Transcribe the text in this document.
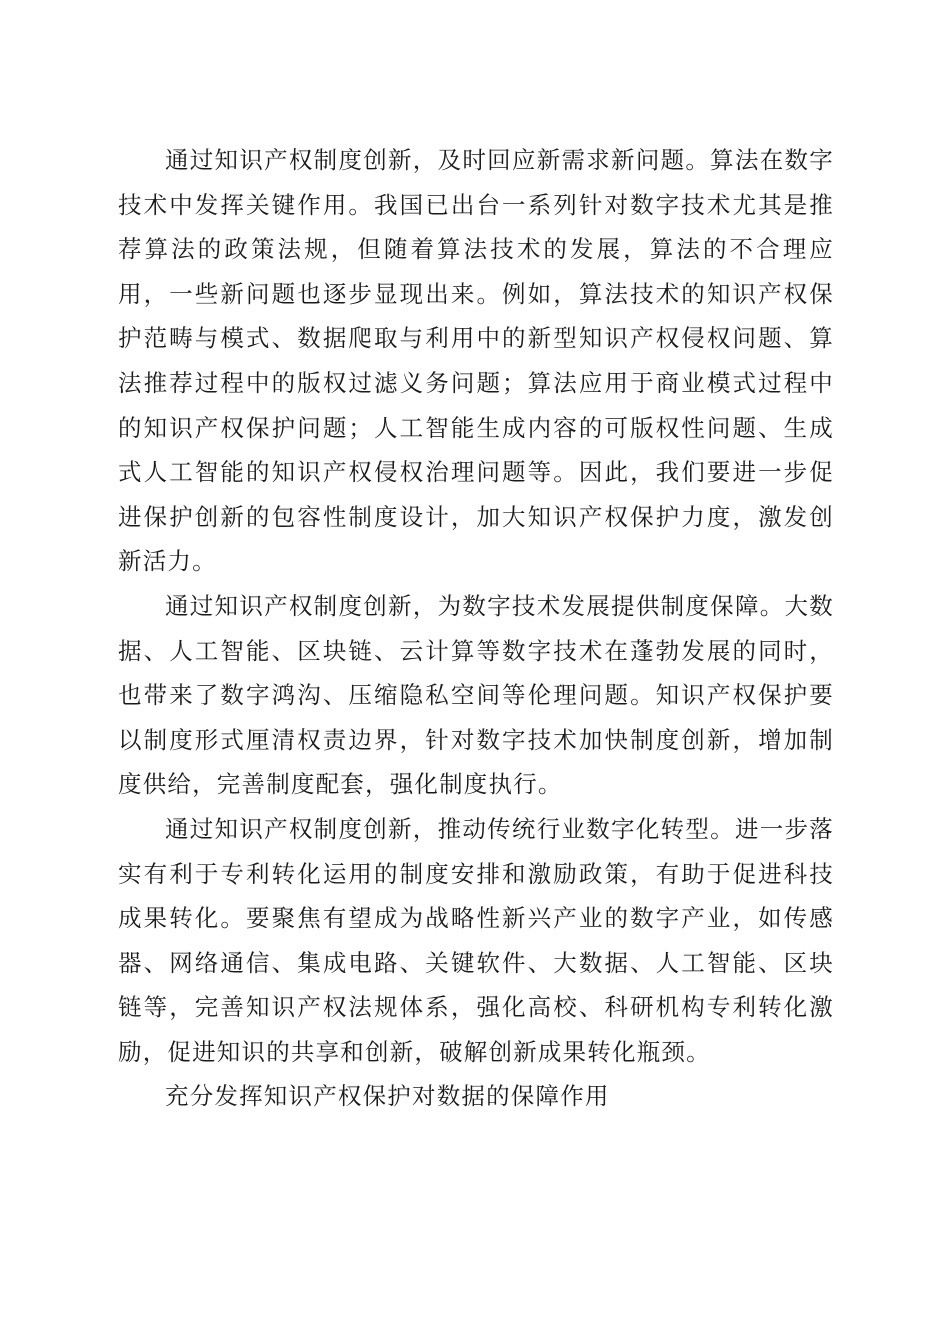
通过知识产权制度创新，及时回应新需求新问题。算法在数字技术中发挥关键作用。我国已出台一系列针对数字技术尤其是推荐算法的政策法规，但随着算法技术的发展，算法的不合理应用，一些新问题也逐步显现出来。例如，算法技术的知识产权保护范畴与模式、数据爬取与利用中的新型知识产权侵权问题、算法推荐过程中的版权过滤义务问题；算法应用于商业模式过程中的知识产权保护问题；人工智能生成内容的可版权性问题、生成式人工智能的知识产权侵权治理问题等。因此，我们要进一步促进保护创新的包容性制度设计，加大知识产权保护力度，激发创新活力。

通过知识产权制度创新，为数字技术发展提供制度保障。大数据、人工智能、区块链、云计算等数字技术在蓬勃发展的同时，也带来了数字鸿沟、压缩隐私空间等伦理问题。知识产权保护要以制度形式厘清权责边界，针对数字技术加快制度创新，增加制度供给，完善制度配套，强化制度执行。

通过知识产权制度创新，推动传统行业数字化转型。进一步落实有利于专利转化运用的制度安排和激励政策，有助于促进科技成果转化。要聚焦有望成为战略性新兴产业的数字产业，如传感器、网络通信、集成电路、关键软件、大数据、人工智能、区块链等，完善知识产权法规体系，强化高校、科研机构专利转化激励，促进知识的共享和创新，破解创新成果转化瓶颈。

充分发挥知识产权保护对数据的保障作用
